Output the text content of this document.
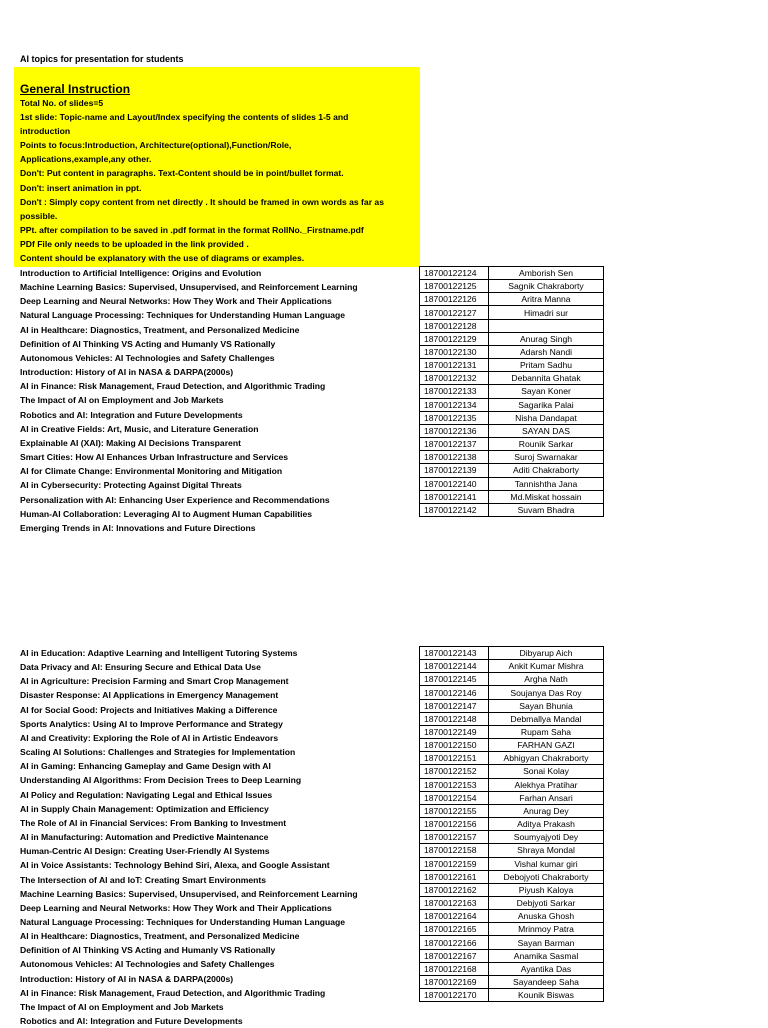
AI topics for presentation for students
General Instruction
Total No. of slides=5
1st slide: Topic-name and Layout/Index specifying the contents of slides 1-5 and
introduction
Points to focus:Introduction, Architecture(optional),Function/Role,
Applications,example,any other.
Don't: Put content in paragraphs. Text-Content should be in point/bullet format.
Don't: insert animation in ppt.
Don't : Simply copy content from net directly . It should be framed in own words as far as
possible.
PPt. after compilation to be saved in .pdf format in the format RollNo._Firstname.pdf
PDf File only needs to be uploaded in the link provided .
Content should be explanatory with the use of diagrams or examples.
Introduction to Artificial Intelligence: Origins and Evolution
Machine Learning Basics: Supervised, Unsupervised, and Reinforcement Learning
Deep Learning and Neural Networks: How They Work and Their Applications
Natural Language Processing: Techniques for Understanding Human Language
AI in Healthcare: Diagnostics, Treatment, and Personalized Medicine
Definition of AI Thinking VS Acting and Humanly VS Rationally
Autonomous Vehicles: AI Technologies and Safety Challenges
Introduction: History of AI in NASA & DARPA(2000s)
AI in Finance: Risk Management, Fraud Detection, and Algorithmic Trading
The Impact of AI on Employment and Job Markets
Robotics and AI: Integration and Future Developments
AI in Creative Fields: Art, Music, and Literature Generation
Explainable AI (XAI): Making AI Decisions Transparent
Smart Cities: How AI Enhances Urban Infrastructure and Services
AI for Climate Change: Environmental Monitoring and Mitigation
AI in Cybersecurity: Protecting Against Digital Threats
Personalization with AI: Enhancing User Experience and Recommendations
Human-AI Collaboration: Leveraging AI to Augment Human Capabilities
Emerging Trends in AI: Innovations and Future Directions
18700122124	Amborish Sen
18700122125	Sagnik Chakraborty
18700122126	Aritra Manna
18700122127	Himadri sur
18700122128	
18700122129	Anurag Singh
18700122130	Adarsh Nandi
18700122131	Pritam Sadhu
18700122132	Debannita Ghatak
18700122133	Sayan Koner
18700122134	Sagarika Palai
18700122135	Nisha Dandapat
18700122136	SAYAN DAS
18700122137	Rounik Sarkar
18700122138	Suroj Swarnakar
18700122139	Aditi Chakraborty
18700122140	Tannishtha Jana
18700122141	Md.Miskat hossain
18700122142	Suvam Bhadra
AI in Education: Adaptive Learning and Intelligent Tutoring Systems
Data Privacy and AI: Ensuring Secure and Ethical Data Use
AI in Agriculture: Precision Farming and Smart Crop Management
Disaster Response: AI Applications in Emergency Management
AI for Social Good: Projects and Initiatives Making a Difference
Sports Analytics: Using AI to Improve Performance and Strategy
AI and Creativity: Exploring the Role of AI in Artistic Endeavors
Scaling AI Solutions: Challenges and Strategies for Implementation
AI in Gaming: Enhancing Gameplay and Game Design with AI
Understanding AI Algorithms: From Decision Trees to Deep Learning
AI Policy and Regulation: Navigating Legal and Ethical Issues
AI in Supply Chain Management: Optimization and Efficiency
The Role of AI in Financial Services: From Banking to Investment
AI in Manufacturing: Automation and Predictive Maintenance
Human-Centric AI Design: Creating User-Friendly AI Systems
AI in Voice Assistants: Technology Behind Siri, Alexa, and Google Assistant
The Intersection of AI and IoT: Creating Smart Environments
Machine Learning Basics: Supervised, Unsupervised, and Reinforcement Learning
Deep Learning and Neural Networks: How They Work and Their Applications
Natural Language Processing: Techniques for Understanding Human Language
AI in Healthcare: Diagnostics, Treatment, and Personalized Medicine
Definition of AI Thinking VS Acting and Humanly VS Rationally
Autonomous Vehicles: AI Technologies and Safety Challenges
Introduction: History of AI in NASA & DARPA(2000s)
AI in Finance: Risk Management, Fraud Detection, and Algorithmic Trading
The Impact of AI on Employment and Job Markets
Robotics and AI: Integration and Future Developments
18700122143	Dibyarup Aich
18700122144	Ankit Kumar Mishra
18700122145	Argha Nath
18700122146	Soujanya Das Roy
18700122147	Sayan Bhunia
18700122148	Debmallya Mandal
18700122149	Rupam Saha
18700122150	FARHAN GAZI
18700122151	Abhigyan Chakraborty
18700122152	Sonai Kolay
18700122153	Alekhya Pratihar
18700122154	Farhan Ansari
18700122155	Anurag Dey
18700122156	Aditya Prakash
18700122157	Soumyajyoti Dey
18700122158	Shraya Mondal
18700122159	Vishal kumar giri
18700122161	Debojyoti Chakraborty
18700122162	Piyush Kaloya
18700122163	Debjyoti Sarkar
18700122164	Anuska Ghosh
18700122165	Mrinmoy Patra
18700122166	Sayan Barman
18700122167	Anamika Sasmal
18700122168	Ayantika Das
18700122169	Sayandeep Saha
18700122170	Kounik Biswas
